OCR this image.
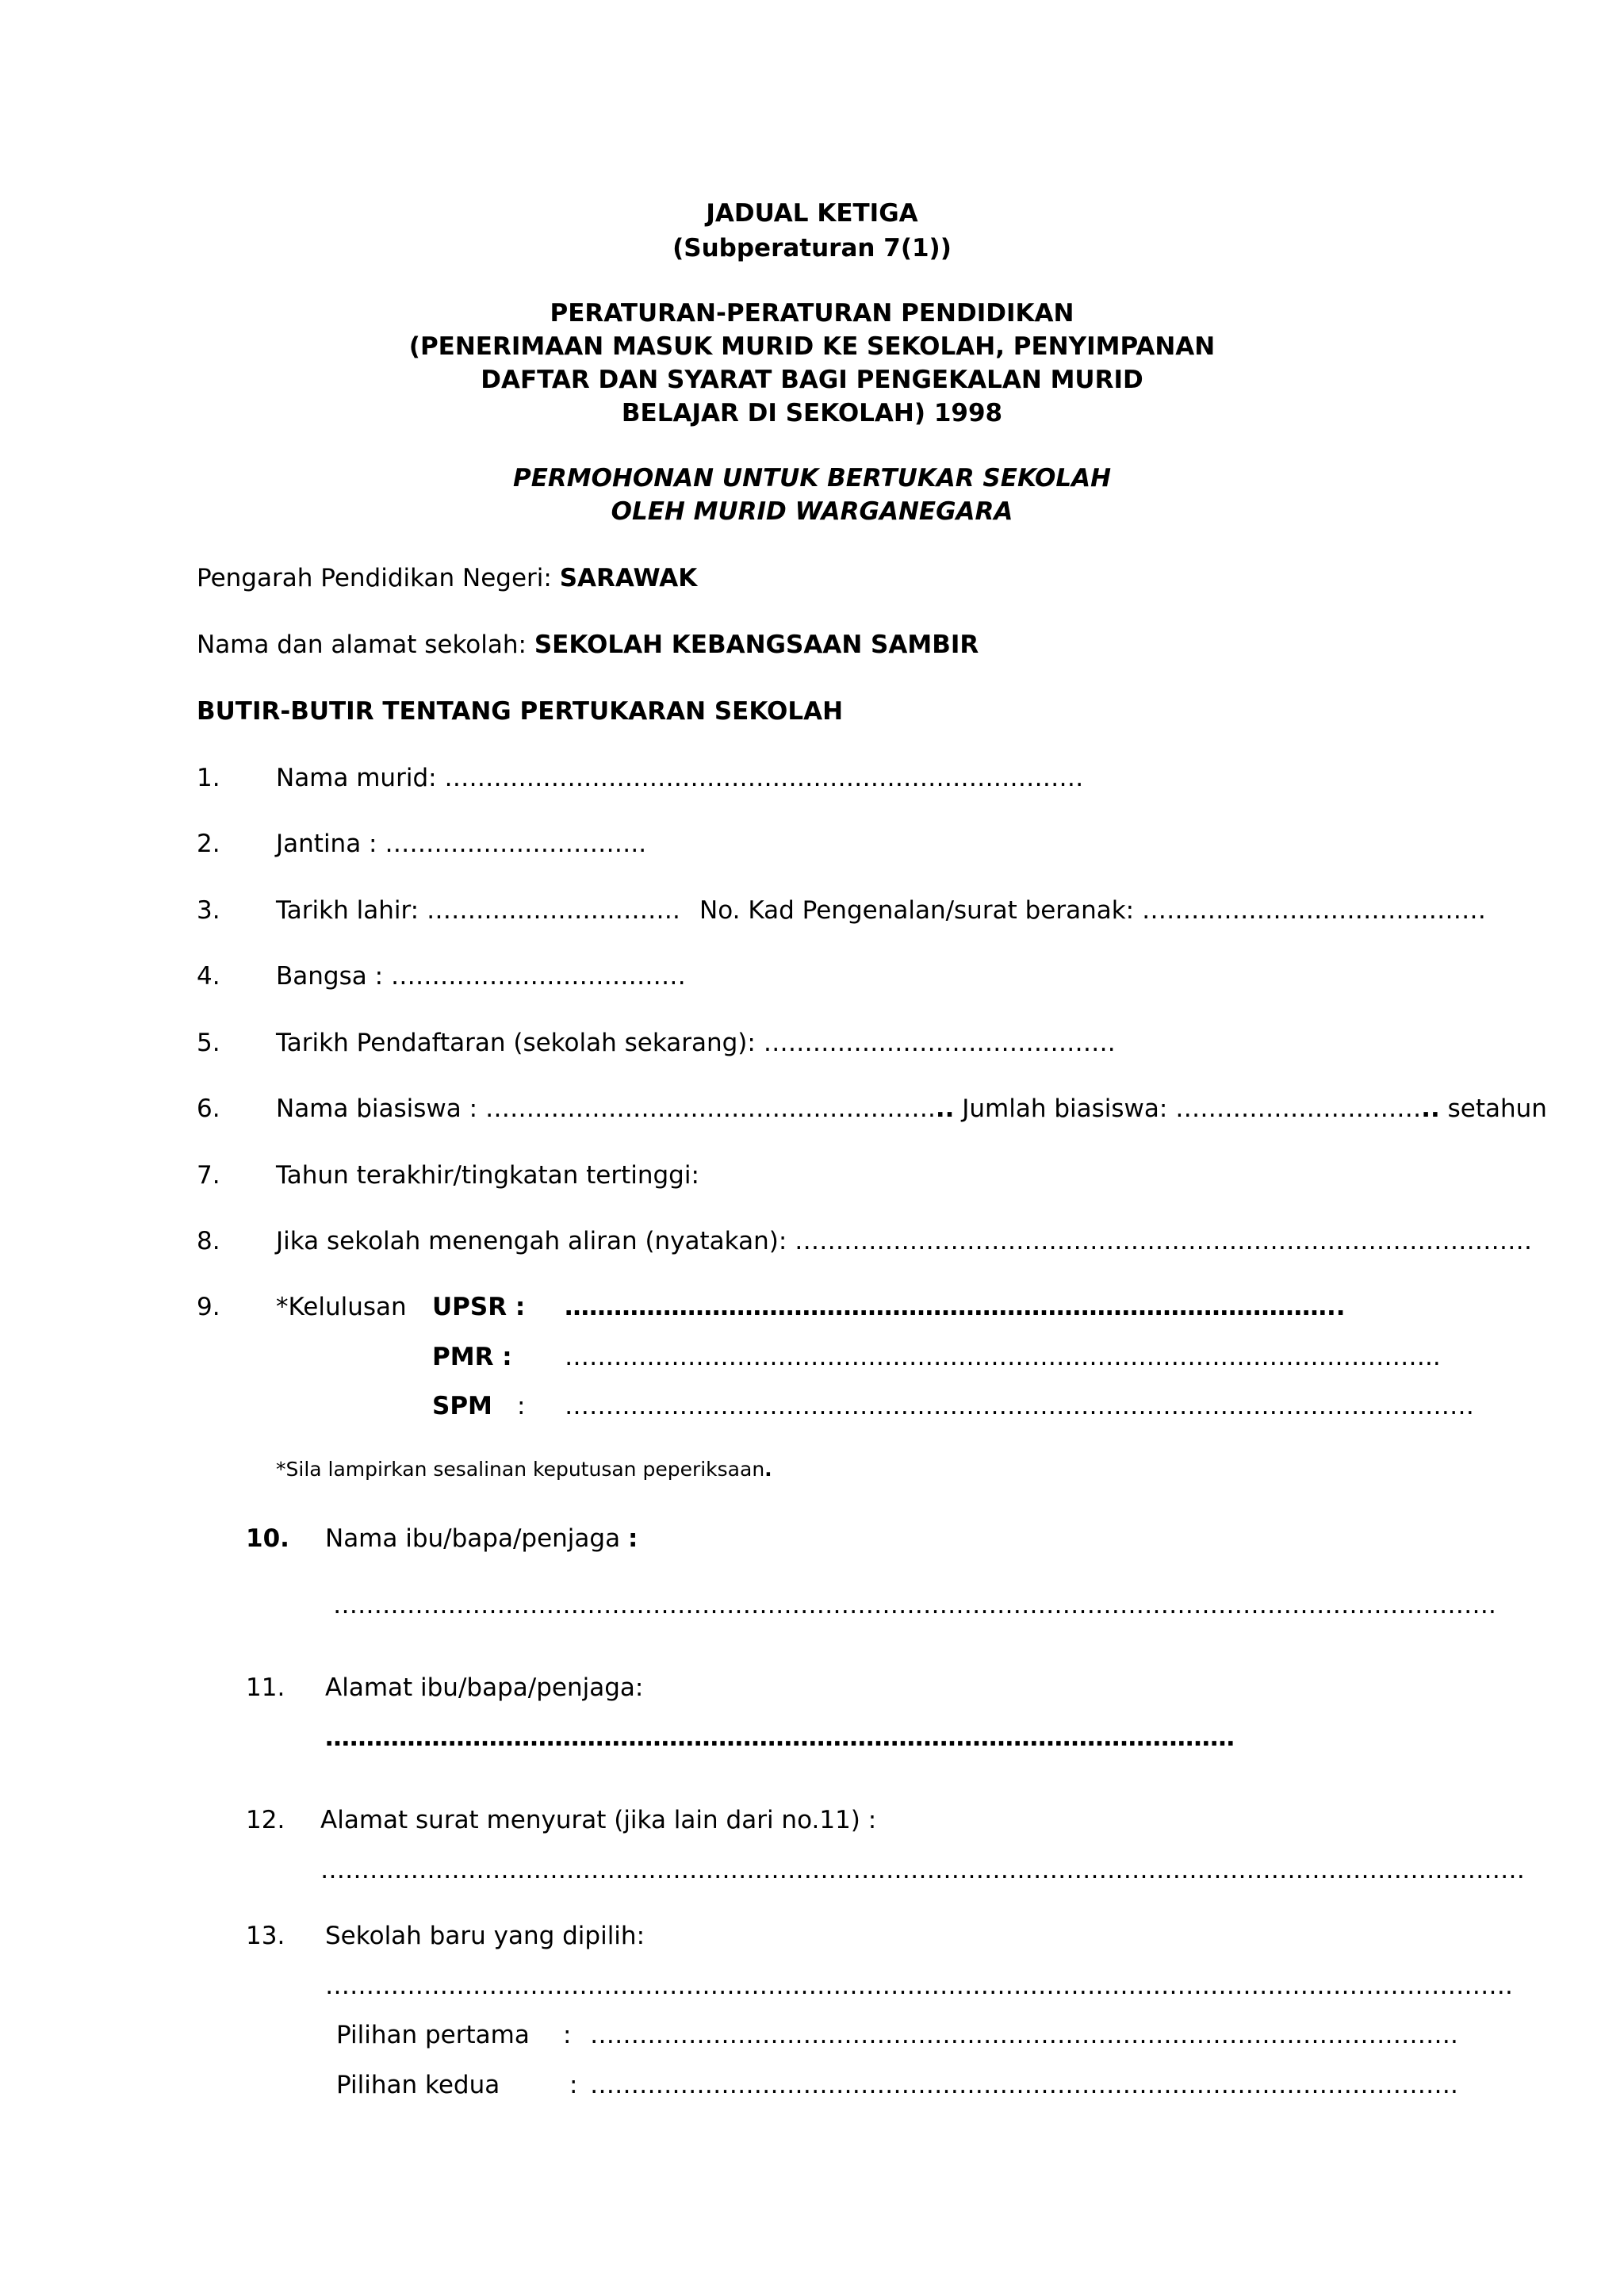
JADUAL KETIGA
(Subperaturan 7(1))
PERATURAN-PERATURAN PENDIDIKAN
(PENERIMAAN MASUK MURID KE SEKOLAH, PENYIMPANAN
DAFTAR DAN SYARAT BAGI PENGEKALAN MURID
BELAJAR DI SEKOLAH) 1998
PERMOHONAN UNTUK BERTUKAR SEKOLAH
OLEH MURID WARGANEGARA
Pengarah Pendidikan Negeri: SARAWAK
Nama dan alamat sekolah: SEKOLAH KEBANGSAAN SAMBIR
BUTIR-BUTIR TENTANG PERTUKARAN SEKOLAH
1. Nama murid: ……………………………………………………………………
2. Jantina : …………………………..
3. Tarikh lahir: …………………………. No. Kad Pengenalan/surat beranak: ……………………………………
4. Bangsa : ………………………………
5. Tarikh Pendaftaran (sekolah sekarang): …………………………………….
6. Nama biasiswa : ………………………………………………... Jumlah biasiswa: ………………………….. setahun
7. Tahun terakhir/tingkatan tertinggi:
8. Jika sekolah menengah aliran (nyatakan): ………………………………………………………………………………
9. *Kelulusan UPSR : …………………………………………………………………………………..
PMR : ……………………………………………………………………………………………..
SPM : …………………………………………………………………………………………………
*Sila lampirkan sesalinan keputusan peperiksaan.
10. Nama ibu/bapa/penjaga :
…………………………………………………………………………………………………………………………….
11. Alamat ibu/bapa/penjaga:
…………………………………………………………………………………………………
12. Alamat surat menyurat (jika lain dari no.11) :
…………………………………………………………………………………………………………………………………
13. Sekolah baru yang dipilih:
……………………………………………………………………………………………………………………………….
Pilihan pertama : …………………………………………………………………………………………….
Pilihan kedua	: …………………………………………………………………………………………….
